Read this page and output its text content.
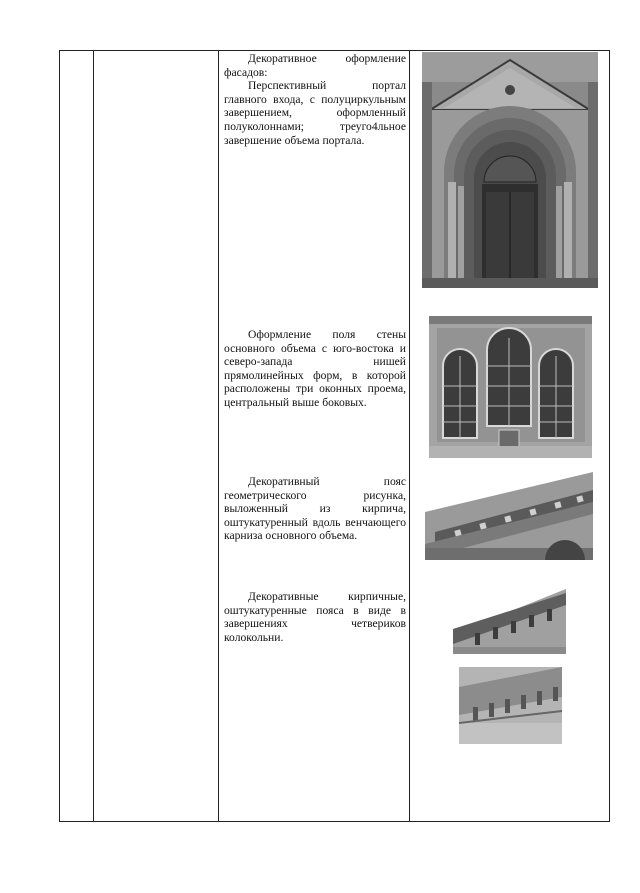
Декоративное оформление фасадов:

Перспективный портал главного входа, с полуциркульным завершением, оформленный полуколоннами; треуго4льное завершение объема портала.

Оформление поля стены основного объема с юго-востока и северо-запада нишей прямолинейных форм, в которой расположены три оконных проема, центральный выше боковых.

Декоративный пояс геометрического рисунка, выложенный из кирпича, оштукатуренный вдоль венчающего карниза основного объема.

Декоративные кирпичные, оштукатуренные пояса в виде в завершениях четвериков колокольни.
